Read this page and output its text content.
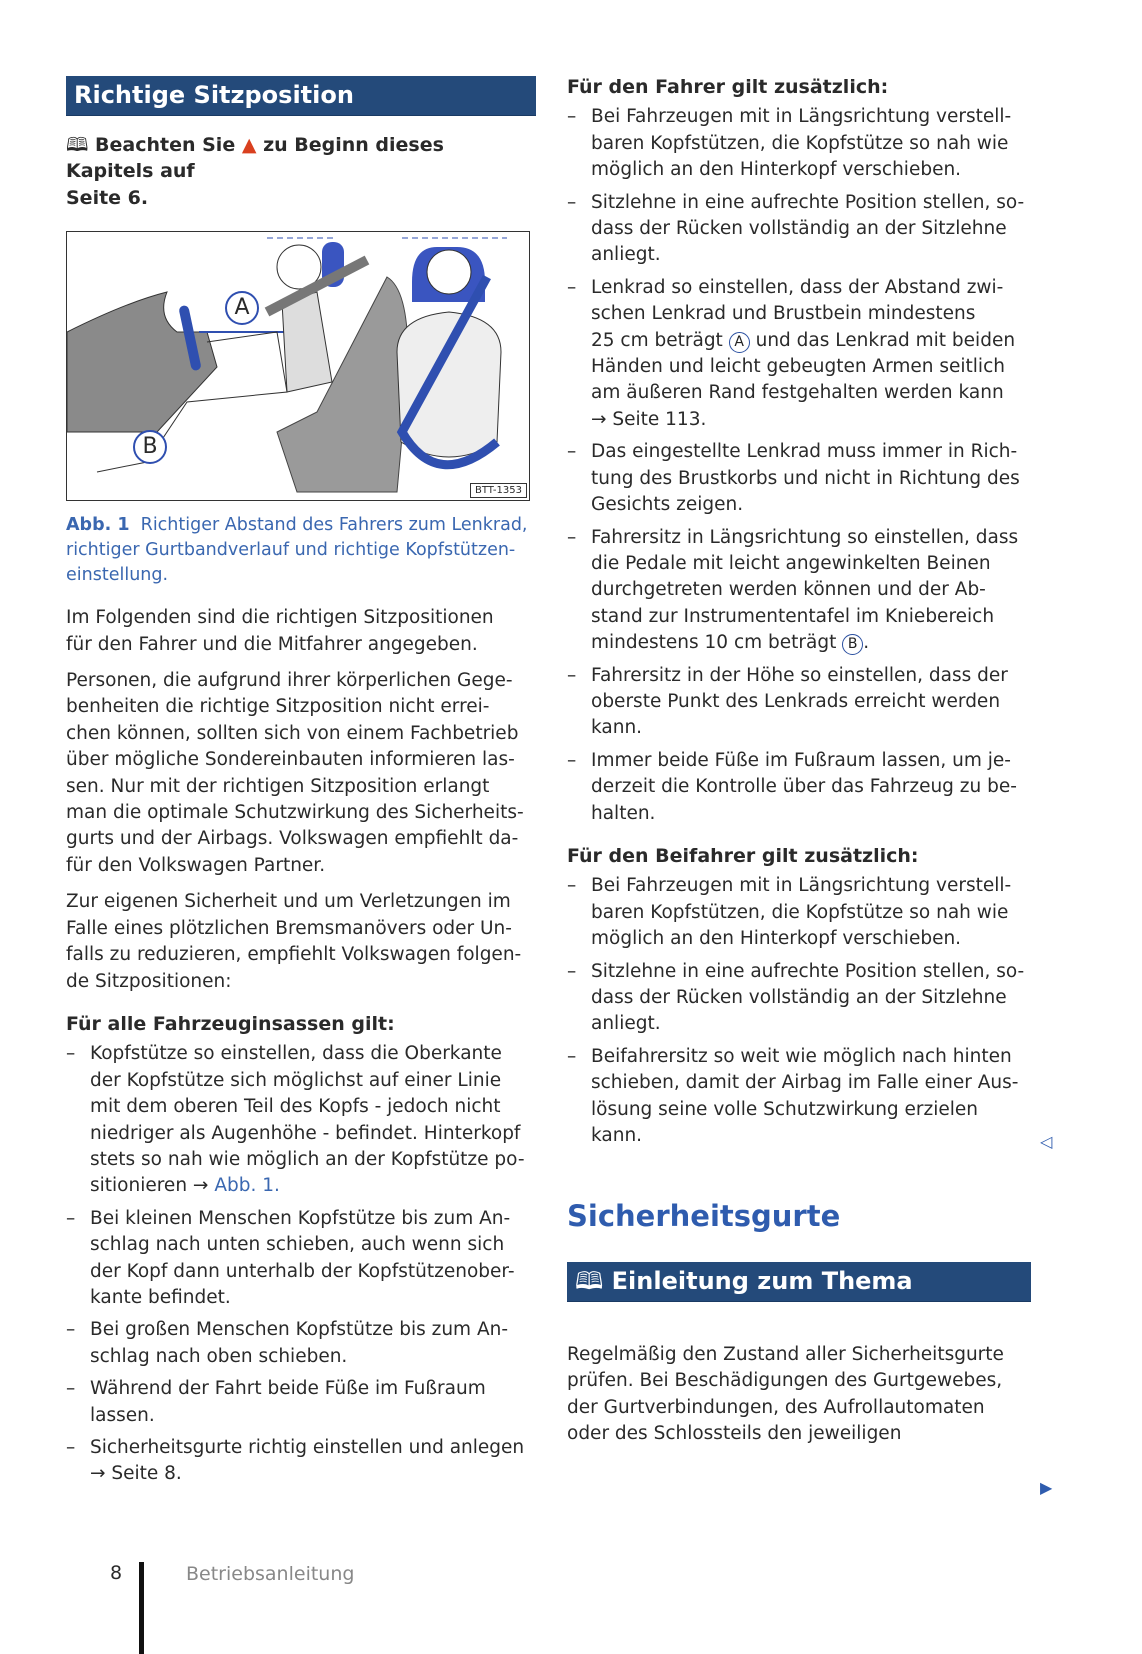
Richtige Sitzposition
🕮︎ Beachten Sie ▲ zu Beginn dieses Kapitels auf
Seite 6.
A
B
BTT-1353
Abb. 1 Richtiger Abstand des Fahrers zum Lenkrad,
richtiger Gurtbandverlauf und richtige Kopfstützen-
einstellung.

Im Folgenden sind die richtigen Sitzpositionen
für den Fahrer und die Mitfahrer angegeben.

Personen, die aufgrund ihrer körperlichen Gege-
benheiten die richtige Sitzposition nicht errei-
chen können, sollten sich von einem Fachbetrieb
über mögliche Sondereinbauten informieren las-
sen. Nur mit der richtigen Sitzposition erlangt
man die optimale Schutzwirkung des Sicherheits-
gurts und der Airbags. Volkswagen empfiehlt da-
für den Volkswagen Partner.

Zur eigenen Sicherheit und um Verletzungen im
Falle eines plötzlichen Bremsmanövers oder Un-
falls zu reduzieren, empfiehlt Volkswagen folgen-
de Sitzpositionen:

Für alle Fahrzeuginsassen gilt:
– Kopfstütze so einstellen, dass die Oberkante
der Kopfstütze sich möglichst auf einer Linie
mit dem oberen Teil des Kopfs - jedoch nicht
niedriger als Augenhöhe - befindet. Hinterkopf
stets so nah wie möglich an der Kopfstütze po-
sitionieren → Abb. 1.
– Bei kleinen Menschen Kopfstütze bis zum An-
schlag nach unten schieben, auch wenn sich
der Kopf dann unterhalb der Kopfstützenober-
kante befindet.
– Bei großen Menschen Kopfstütze bis zum An-
schlag nach oben schieben.
– Während der Fahrt beide Füße im Fußraum
lassen.
– Sicherheitsgurte richtig einstellen und anlegen
→ Seite 8.
Für den Fahrer gilt zusätzlich:
– Bei Fahrzeugen mit in Längsrichtung verstell-
baren Kopfstützen, die Kopfstütze so nah wie
möglich an den Hinterkopf verschieben.
– Sitzlehne in eine aufrechte Position stellen, so-
dass der Rücken vollständig an der Sitzlehne
anliegt.
– Lenkrad so einstellen, dass der Abstand zwi-
schen Lenkrad und Brustbein mindestens
25 cm beträgt A und das Lenkrad mit beiden
Händen und leicht gebeugten Armen seitlich
am äußeren Rand festgehalten werden kann
→ Seite 113.
– Das eingestellte Lenkrad muss immer in Rich-
tung des Brustkorbs und nicht in Richtung des
Gesichts zeigen.
– Fahrersitz in Längsrichtung so einstellen, dass
die Pedale mit leicht angewinkelten Beinen
durchgetreten werden können und der Ab-
stand zur Instrumententafel im Kniebereich
mindestens 10 cm beträgt B .
– Fahrersitz in der Höhe so einstellen, dass der
oberste Punkt des Lenkrads erreicht werden
kann.
– Immer beide Füße im Fußraum lassen, um je-
derzeit die Kontrolle über das Fahrzeug zu be-
halten.
Für den Beifahrer gilt zusätzlich:
– Bei Fahrzeugen mit in Längsrichtung verstell-
baren Kopfstützen, die Kopfstütze so nah wie
möglich an den Hinterkopf verschieben.
– Sitzlehne in eine aufrechte Position stellen, so-
dass der Rücken vollständig an der Sitzlehne
anliegt.
– Beifahrersitz so weit wie möglich nach hinten
schieben, damit der Airbag im Falle einer Aus-
lösung seine volle Schutzwirkung erzielen
kann.
Sicherheitsgurte
🕮︎ Einleitung zum Thema
Regelmäßig den Zustand aller Sicherheitsgurte
prüfen. Bei Beschädigungen des Gurtgewebes,
der Gurtverbindungen, des Aufrollautomaten
oder des Schlossteils den jeweiligen
◁
▶
8	Betriebsanleitung
